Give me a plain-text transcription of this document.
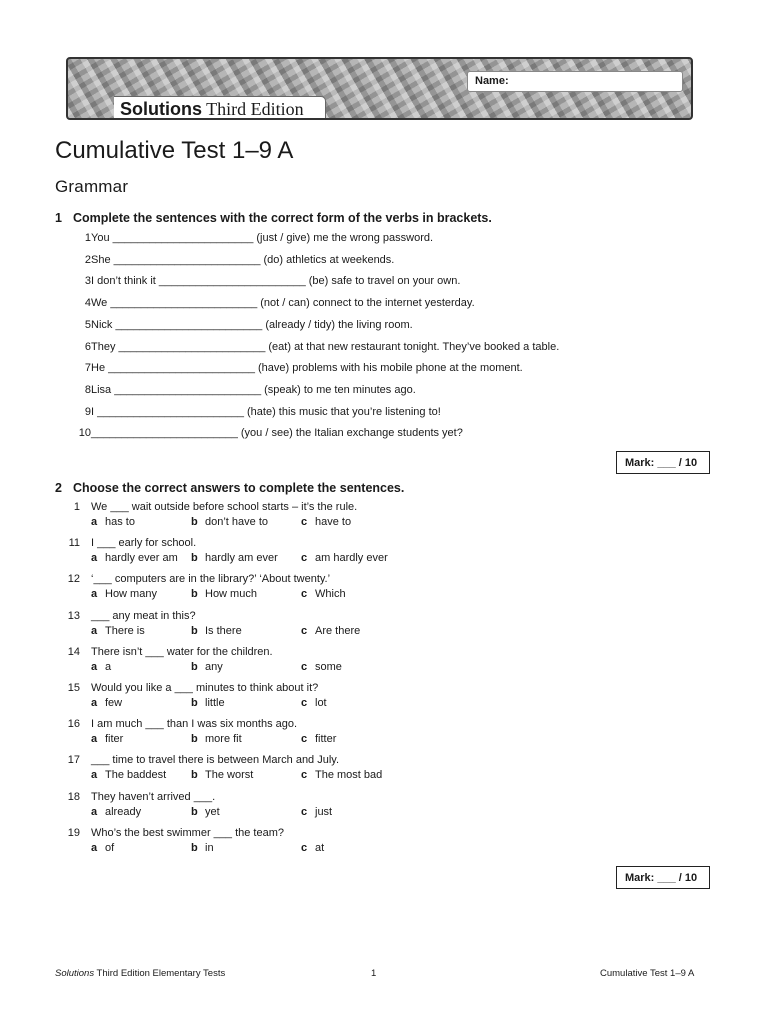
Name:
Solutions Third Edition
Cumulative Test 1–9 A
Grammar
1 Complete the sentences with the correct form of the verbs in brackets.
1 You _______________________ (just / give) me the wrong password.
2 She ________________________ (do) athletics at weekends.
3 I don’t think it ________________________ (be) safe to travel on your own.
4 We ________________________ (not / can) connect to the internet yesterday.
5 Nick ________________________ (already / tidy) the living room.
6 They ________________________ (eat) at that new restaurant tonight. They’ve booked a table.
7 He ________________________ (have) problems with his mobile phone at the moment.
8 Lisa ________________________ (speak) to me ten minutes ago.
9 I ________________________ (hate) this music that you’re listening to!
10 ________________________ (you / see) the Italian exchange students yet?
Mark: ___ / 10
2 Choose the correct answers to complete the sentences.
1 We ___ wait outside before school starts – it’s the rule.
a has to	b don’t have to	c have to
11 I ___ early for school.
a hardly ever am b hardly am ever c am hardly ever
12 ‘___ computers are in the library?’ ‘About twenty.’
a How many	b How much	c Which
13 ___ any meat in this?
a There is	b Is there	c Are there
14 There isn’t ___ water for the children.
a a	b any	c some
15 Would you like a ___ minutes to think about it?
a few	b little	c lot
16 I am much ___ than I was six months ago.
a fiter	b more fit	c fitter
17 ___ time to travel there is between March and July.
a The baddest b The worst	c The most bad
18 They haven’t arrived ___.
a already	b yet	c just
19 Who’s the best swimmer ___ the team?
a of	b in	c at
Mark: ___ / 10
Solutions Third Edition Elementary Tests	1	Cumulative Test 1–9 A
